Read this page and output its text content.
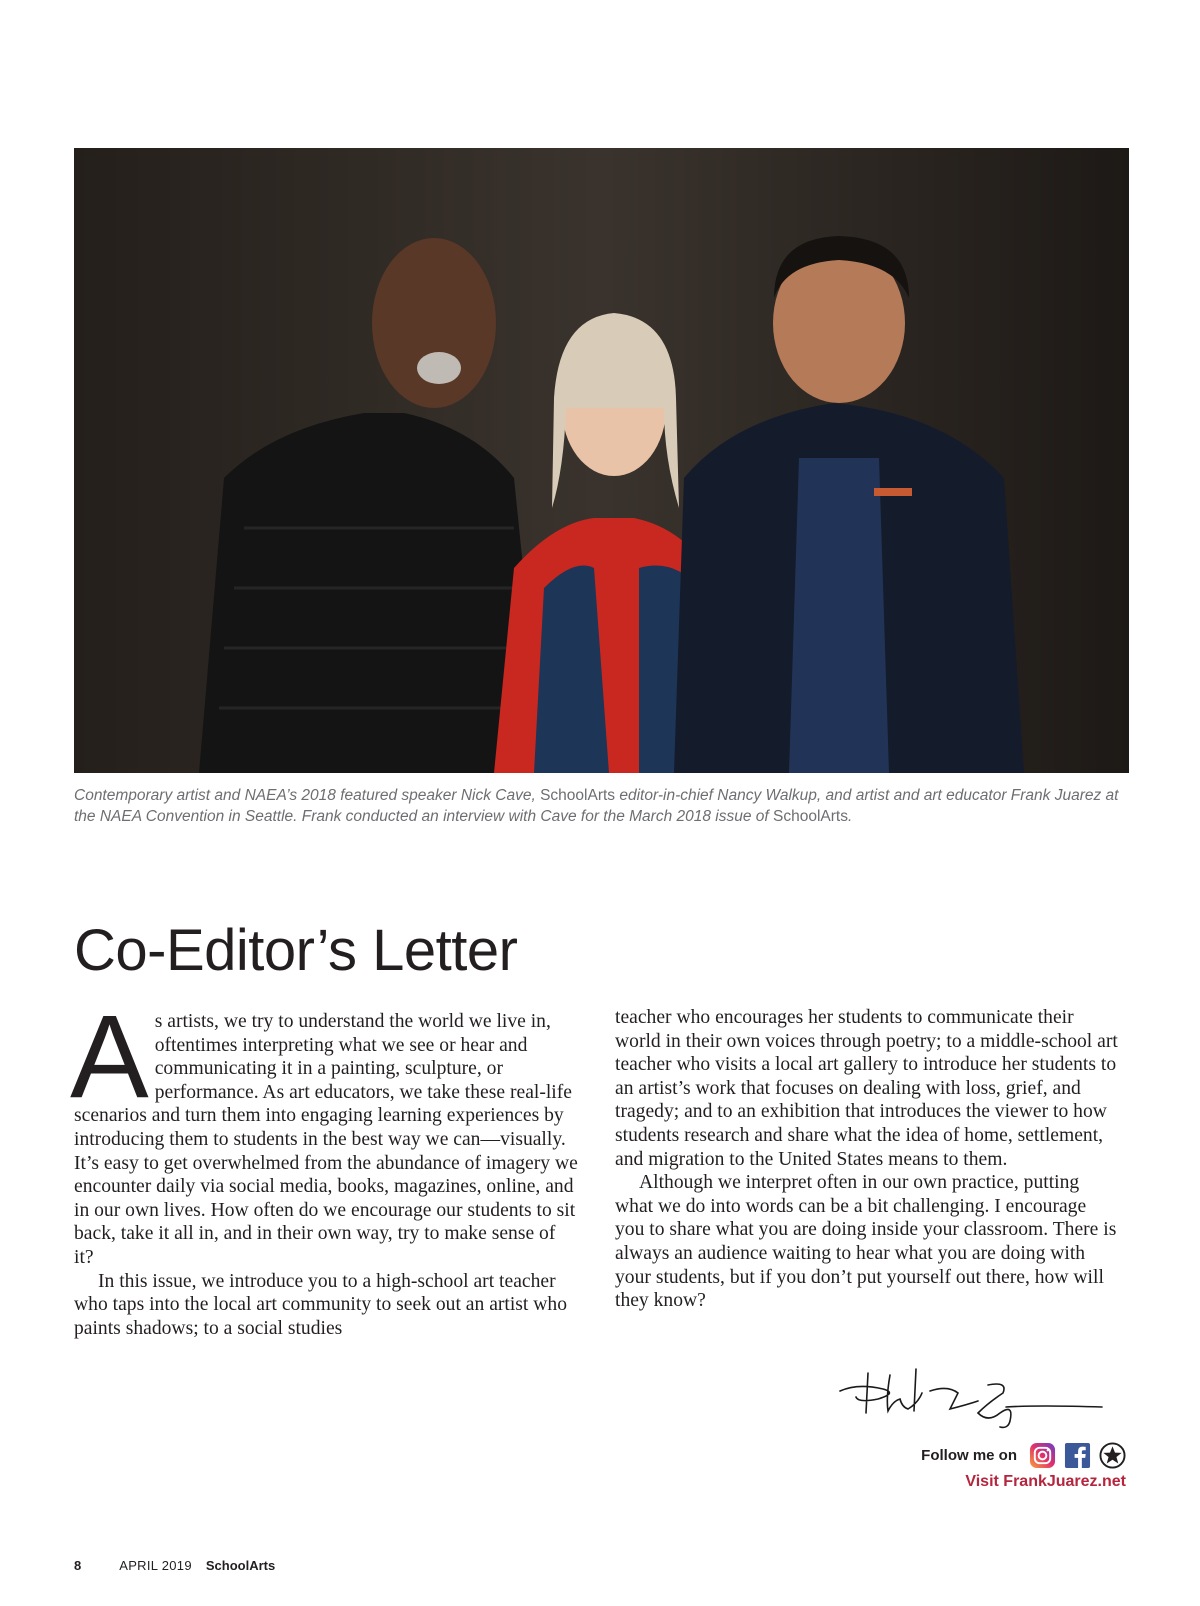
Contemporary artist and NAEA’s 2018 featured speaker Nick Cave, SchoolArts editor-in-chief Nancy Walkup, and artist and art educator Frank Juarez at the NAEA Convention in Seattle. Frank conducted an interview with Cave for the March 2018 issue of SchoolArts.
Co-Editor’s Letter

As artists, we try to understand the world we live in, oftentimes interpreting what we see or hear and communicating it in a painting, sculpture, or performance. As art educators, we take these real-life scenarios and turn them into engaging learning experiences by introducing them to students in the best way we can—visually. It’s easy to get overwhelmed from the abundance of imagery we encounter daily via social media, books, magazines, online, and in our own lives. How often do we encourage our students to sit back, take it all in, and in their own way, try to make sense of it?

In this issue, we introduce you to a high-school art teacher who taps into the local art community to seek out an artist who paints shadows; to a social studies

teacher who encourages her students to communicate their world in their own voices through poetry; to a middle-school art teacher who visits a local art gallery to introduce her students to an artist’s work that focuses on dealing with loss, grief, and tragedy; and to an exhibition that introduces the viewer to how students research and share what the idea of home, settlement, and migration to the United States means to them.

Although we interpret often in our own practice, putting what we do into words can be a bit challenging. I encourage you to share what you are doing inside your classroom. There is always an audience waiting to hear what you are doing with your students, but if you don’t put yourself out there, how will they know?

Follow me on
Visit FrankJuarez.net
8	APRIL 2019 SchoolArts
